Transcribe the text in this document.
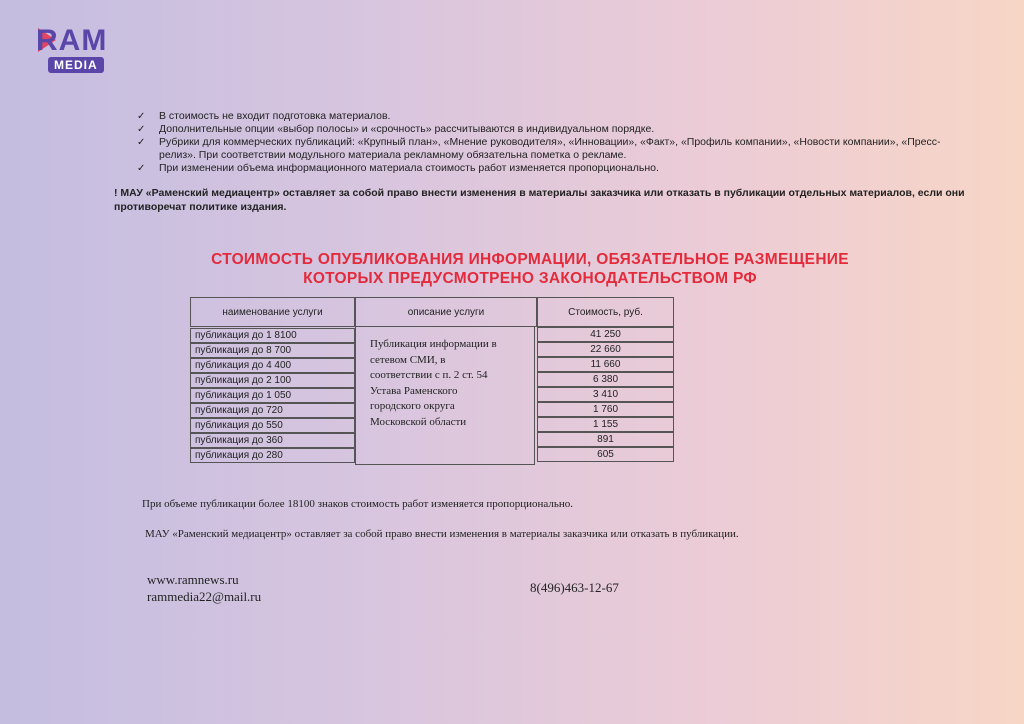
RAM
MEDIA
✓ В стоимость не входит подготовка материалов.
✓ Дополнительные опции «выбор полосы» и «срочность» рассчитываются в индивидуальном порядке.
✓ Рубрики для коммерческих публикаций: «Крупный план», «Мнение руководителя», «Инновации», «Факт», «Профиль компании», «Новости компании», «Пресс-релиз». При соответствии модульного материала рекламному обязательна пометка о рекламе.
✓ При изменении объема информационного материала стоимость работ изменяется пропорционально.
! МАУ «Раменский медиацентр» оставляет за собой право внести изменения в материалы заказчика или отказать в публикации отдельных материалов, если они противоречат политике издания.
СТОИМОСТЬ ОПУБЛИКОВАНИЯ ИНФОРМАЦИИ, ОБЯЗАТЕЛЬНОЕ РАЗМЕЩЕНИЕ
КОТОРЫХ ПРЕДУСМОТРЕНО ЗАКОНОДАТЕЛЬСТВОМ РФ
наименование услуги	описание услуги	Стоимость, руб.
публикация до 1 8100
публикация до 8 700
публикация до 4 400
публикация до 2 100
публикация до 1 050
публикация до 720
публикация до 550
публикация до 360
публикация до 280
41 250
22 660
11 660
6 380
3 410
1 760
1 155
891
605
Публикация информации в
сетевом СМИ, в
соответствии с п. 2 ст. 54
Устава Раменского
городского округа
Московской области
При объеме публикации более 18100 знаков стоимость работ изменяется пропорционально.
МАУ «Раменский медиацентр» оставляет за собой право внести изменения в материалы заказчика или отказать в публикации.
www.ramnews.ru
rammedia22@mail.ru
8(496)463-12-67
